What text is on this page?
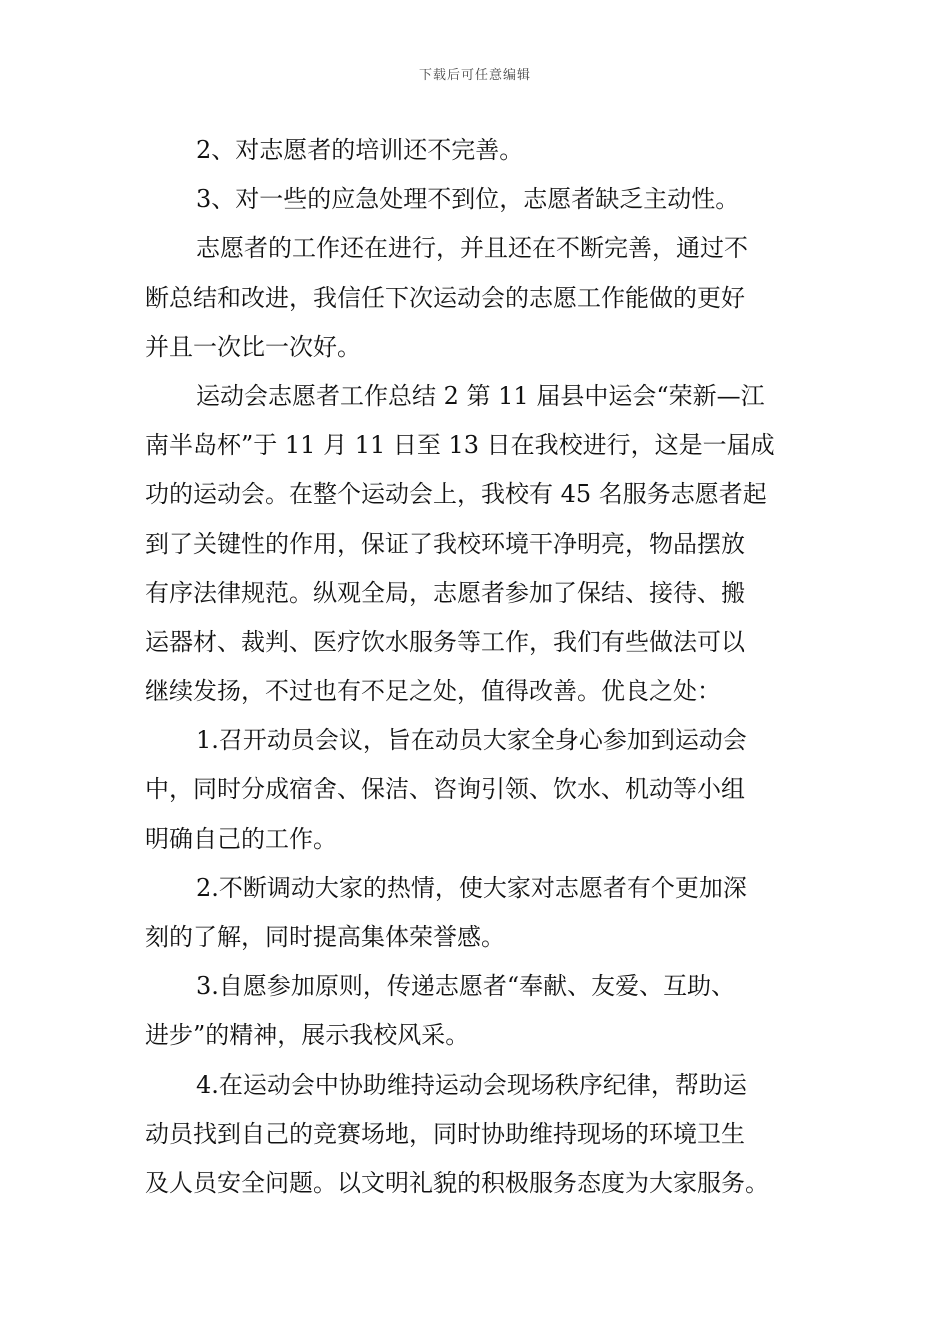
下载后可任意编辑
2、对志愿者的培训还不完善。
3、对一些的应急处理不到位，志愿者缺乏主动性。
志愿者的工作还在进行，并且还在不断完善，通过不
断总结和改进，我信任下次运动会的志愿工作能做的更好
并且一次比一次好。
运动会志愿者工作总结 2 第 11 届县中运会“荣新—江
南半岛杯”于 11 月 11 日至 13 日在我校进行，这是一届成
功的运动会。在整个运动会上，我校有 45 名服务志愿者起
到了关键性的作用，保证了我校环境干净明亮，物品摆放
有序法律规范。纵观全局，志愿者参加了保结、接待、搬
运器材、裁判、医疗饮水服务等工作，我们有些做法可以
继续发扬，不过也有不足之处，值得改善。优良之处：
1.召开动员会议，旨在动员大家全身心参加到运动会
中，同时分成宿舍、保洁、咨询引领、饮水、机动等小组
明确自己的工作。
2.不断调动大家的热情，使大家对志愿者有个更加深
刻的了解，同时提高集体荣誉感。
3.自愿参加原则，传递志愿者“奉献、友爱、互助、
进步”的精神，展示我校风采。
4.在运动会中协助维持运动会现场秩序纪律，帮助运
动员找到自己的竞赛场地，同时协助维持现场的环境卫生
及人员安全问题。以文明礼貌的积极服务态度为大家服务。
